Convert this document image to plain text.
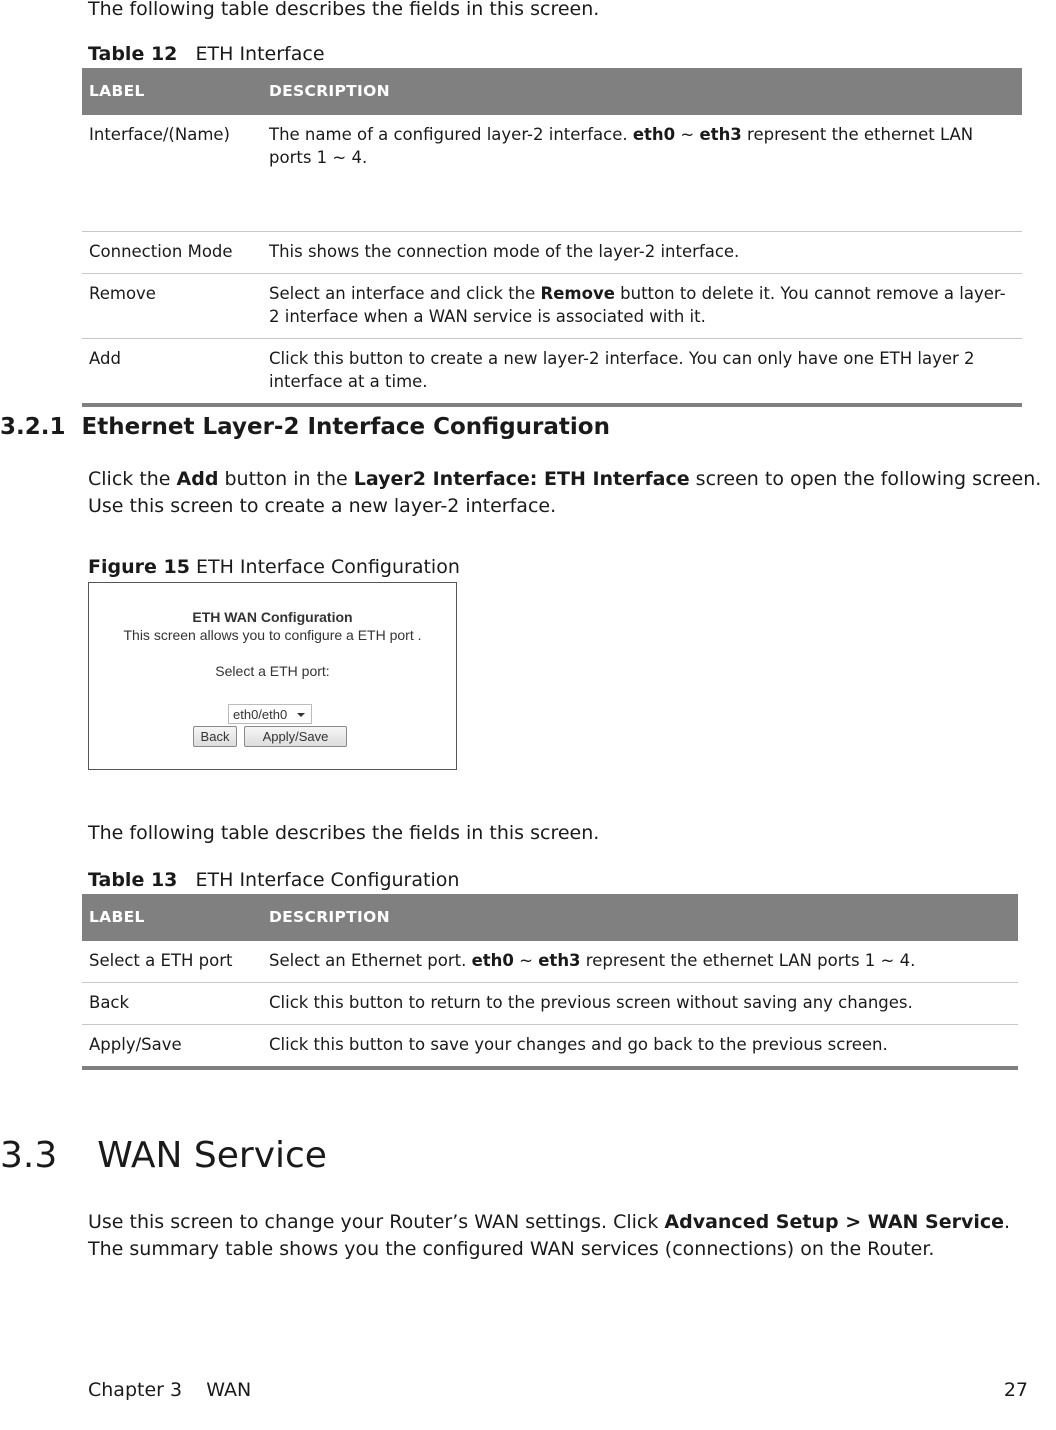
The following table describes the fields in this screen.
Table 12 ETH Interface
LABEL	DESCRIPTION
Interface/(Name)	The name of a configured layer-2 interface. eth0 ~ eth3 represent the ethernet LAN ports 1 ~ 4.
Connection Mode	This shows the connection mode of the layer-2 interface.
Remove	Select an interface and click the Remove button to delete it. You cannot remove a layer-2 interface when a WAN service is associated with it.
Add	Click this button to create a new layer-2 interface. You can only have one ETH layer 2 interface at a time.
3.2.1 Ethernet Layer-2 Interface Configuration
Click the Add button in the Layer2 Interface: ETH Interface screen to open the following screen. Use this screen to create a new layer-2 interface.
Figure 15 ETH Interface Configuration
ETH WAN Configuration
This screen allows you to configure a ETH port .
Select a ETH port:
eth0/eth0
Back	Apply/Save
The following table describes the fields in this screen.
Table 13 ETH Interface Configuration
LABEL	DESCRIPTION
Select a ETH port	Select an Ethernet port. eth0 ~ eth3 represent the ethernet LAN ports 1 ~ 4.
Back	Click this button to return to the previous screen without saving any changes.
Apply/Save	Click this button to save your changes and go back to the previous screen.
3.3 WAN Service
Use this screen to change your Router’s WAN settings. Click Advanced Setup > WAN Service. The summary table shows you the configured WAN services (connections) on the Router.
Chapter 3 WAN	27
